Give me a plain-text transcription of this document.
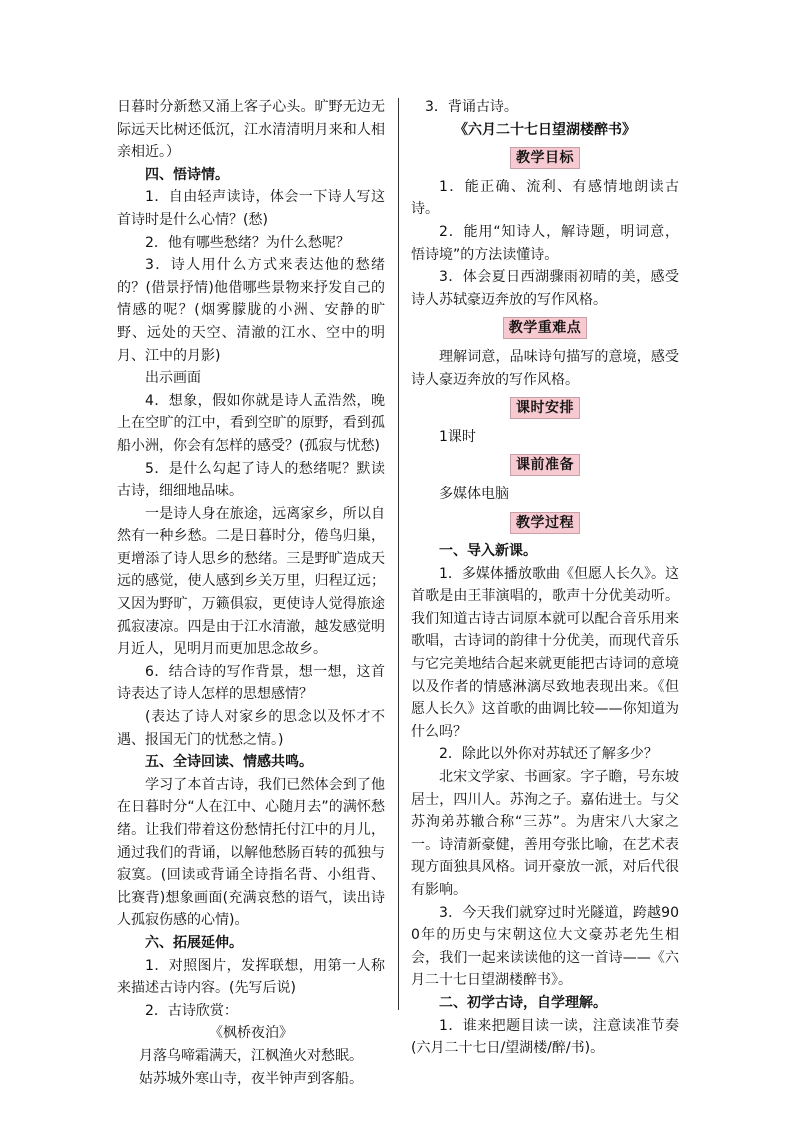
日暮时分新愁又涌上客子心头。旷野无边无际远天比树还低沉，江水清清明月来和人相亲相近。）

四、悟诗情。

1．自由轻声读诗，体会一下诗人写这首诗时是什么心情？(愁)

2．他有哪些愁绪？为什么愁呢？

3．诗人用什么方式来表达他的愁绪的？(借景抒情)他借哪些景物来抒发自己的情感的呢？(烟雾朦胧的小洲、安静的旷野、远处的天空、清澈的江水、空中的明月、江中的月影)

出示画面

4．想象，假如你就是诗人孟浩然，晚上在空旷的江中，看到空旷的原野，看到孤船小洲，你会有怎样的感受？(孤寂与忧愁)

5．是什么勾起了诗人的愁绪呢？默读古诗，细细地品味。

一是诗人身在旅途，远离家乡，所以自然有一种乡愁。二是日暮时分，倦鸟归巢，更增添了诗人思乡的愁绪。三是野旷造成天远的感觉，使人感到乡关万里，归程辽远；又因为野旷，万籁俱寂，更使诗人觉得旅途孤寂凄凉。四是由于江水清澈，越发感觉明月近人，见明月而更加思念故乡。

6．结合诗的写作背景，想一想，这首诗表达了诗人怎样的思想感情？

(表达了诗人对家乡的思念以及怀才不遇、报国无门的忧愁之情。)

五、全诗回读、情感共鸣。

学习了本首古诗，我们已然体会到了他在日暮时分“人在江中、心随月去”的满怀愁绪。让我们带着这份愁情托付江中的月儿，通过我们的背诵，以解他愁肠百转的孤独与寂寞。(回读或背诵全诗指名背、小组背、比赛背)想象画面(充满哀愁的语气，读出诗人孤寂伤感的心情)。

六、拓展延伸。

1．对照图片，发挥联想，用第一人称来描述古诗内容。(先写后说)

2．古诗欣赏：

《枫桥夜泊》

月落乌啼霜满天，江枫渔火对愁眠。

姑苏城外寒山寺，夜半钟声到客船。

3．背诵古诗。

《六月二十七日望湖楼醉书》

教学目标

1．能正确、流利、有感情地朗读古诗。

2．能用“知诗人，解诗题，明词意，悟诗境”的方法读懂诗。

3．体会夏日西湖骤雨初晴的美，感受诗人苏轼豪迈奔放的写作风格。

教学重难点

理解词意，品味诗句描写的意境，感受诗人豪迈奔放的写作风格。

课时安排

1课时

课前准备

多媒体电脑

教学过程

一、导入新课。

1．多媒体播放歌曲《但愿人长久》。这首歌是由王菲演唱的，歌声十分优美动听。我们知道古诗古词原本就可以配合音乐用来歌唱，古诗词的韵律十分优美，而现代音乐与它完美地结合起来就更能把古诗词的意境以及作者的情感淋漓尽致地表现出来。《但愿人长久》这首歌的曲调比较——你知道为什么吗？

2．除此以外你对苏轼还了解多少？

北宋文学家、书画家。字子瞻，号东坡居士，四川人。苏洵之子。嘉佑进士。与父苏洵弟苏辙合称“三苏”。为唐宋八大家之一。诗清新豪健，善用夸张比喻，在艺术表现方面独具风格。词开豪放一派，对后代很有影响。

3．今天我们就穿过时光隧道，跨越900年的历史与宋朝这位大文豪苏老先生相会，我们一起来读读他的这一首诗——《六月二十七日望湖楼醉书》。

二、初学古诗，自学理解。

1．谁来把题目读一读，注意读准节奏(六月二十七日/望湖楼/醉/书)。
